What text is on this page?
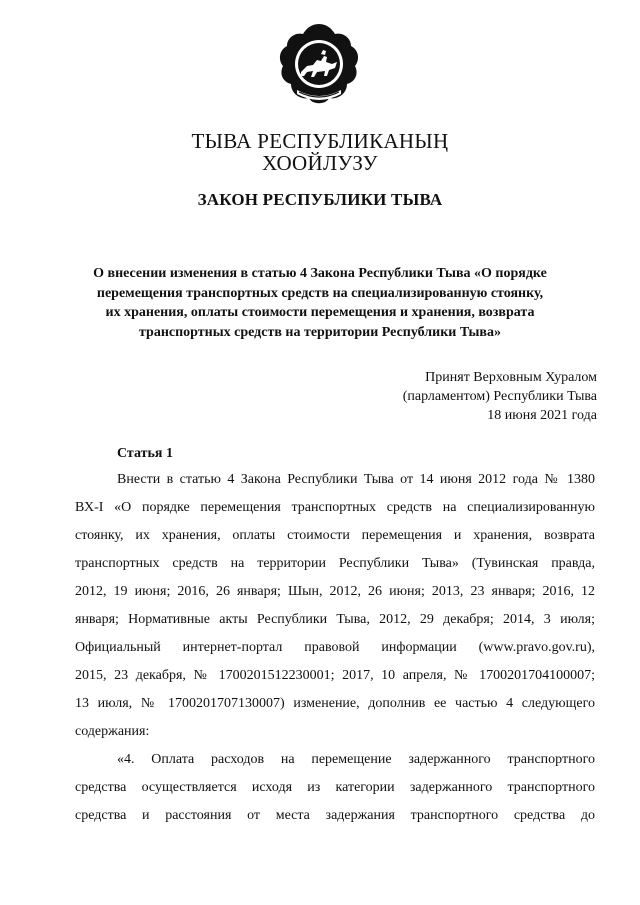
ТЫВА РЕСПУБЛИКАНЫҢ
ХООЙЛУЗУ
ЗАКОН РЕСПУБЛИКИ ТЫВА
О внесении изменения в статью 4 Закона Республики Тыва «О порядке
перемещения транспортных средств на специализированную стоянку,
их хранения, оплаты стоимости перемещения и хранения, возврата
транспортных средств на территории Республики Тыва»
Принят Верховным Хуралом
(парламентом) Республики Тыва
18 июня 2021 года
Статья 1
Внести в статью 4 Закона Республики Тыва от 14 июня 2012 года № 1380
ВХ-I «О порядке перемещения транспортных средств на специализированную
стоянку, их хранения, оплаты стоимости перемещения и хранения, возврата
транспортных средств на территории Республики Тыва» (Тувинская правда,
2012, 19 июня; 2016, 26 января; Шын, 2012, 26 июня; 2013, 23 января; 2016, 12
января; Нормативные акты Республики Тыва, 2012, 29 декабря; 2014, 3 июля;
Официальный интернет-портал правовой информации (www.pravo.gov.ru),
2015, 23 декабря, № 1700201512230001; 2017, 10 апреля, № 1700201704100007;
13 июля, № 1700201707130007) изменение, дополнив ее частью 4 следующего
содержания:
«4. Оплата расходов на перемещение задержанного транспортного
средства осуществляется исходя из категории задержанного транспортного
средства и расстояния от места задержания транспортного средства до
